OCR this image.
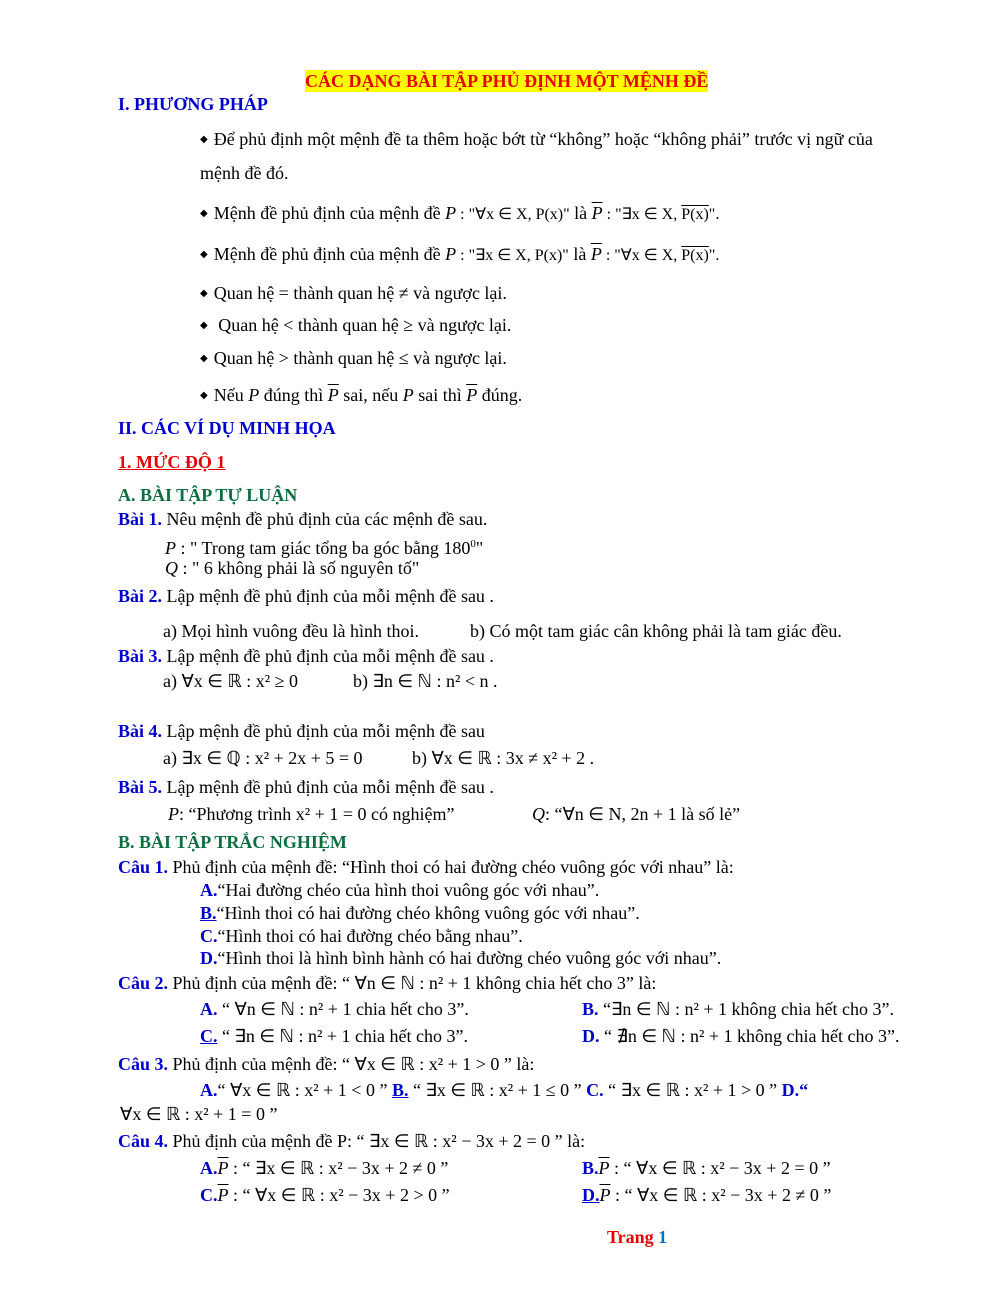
CÁC DẠNG BÀI TẬP PHỦ ĐỊNH MỘT MỆNH ĐỀ
I. PHƯƠNG PHÁP
◆ Để phủ định một mệnh đề ta thêm hoặc bớt từ “không” hoặc “không phải” trước vị ngữ của
mệnh đề đó.
◆ Mệnh đề phủ định của mệnh đề P : "∀x ∈ X, P(x)" là $\overline{P}$ : "∃x ∈ X, P(x)".
◆ Mệnh đề phủ định của mệnh đề P : "∃x ∈ X, P(x)" là $\overline{P}$ : "∀x ∈ X, P(x)".
◆ Quan hệ = thành quan hệ ≠ và ngược lại.
◆ Quan hệ < thành quan hệ ≥ và ngược lại.
◆ Quan hệ > thành quan hệ ≤ và ngược lại.
◆ Nếu P đúng thì $\overline{P}$ sai, nếu P sai thì $\overline{P}$ đúng.
II. CÁC VÍ DỤ MINH HỌA
1. MỨC ĐỘ 1
A. BÀI TẬP TỰ LUẬN
Bài 1. Nêu mệnh đề phủ định của các mệnh đề sau.
P : " Trong tam giác tổng ba góc bằng $180^0$"
Q : " 6 không phải là số nguyên tố"
Bài 2. Lập mệnh đề phủ định của mỗi mệnh đề sau .
a) Mọi hình vuông đều là hình thoi.	b) Có một tam giác cân không phải là tam giác đều.
Bài 3. Lập mệnh đề phủ định của mỗi mệnh đề sau .
a) ∀x ∈ ℝ : x² ≥ 0	b) ∃n ∈ ℕ : n² < n .
Bài 4. Lập mệnh đề phủ định của mỗi mệnh đề sau
a) ∃x ∈ ℚ : x² + 2x + 5 = 0	b) ∀x ∈ ℝ : 3x ≠ x² + 2 .
Bài 5. Lập mệnh đề phủ định của mỗi mệnh đề sau .
P: “Phương trình x² + 1 = 0 có nghiệm”	Q: “∀n ∈ N, 2n + 1 là số lẻ”
B. BÀI TẬP TRẮC NGHIỆM
Câu 1. Phủ định của mệnh đề: “Hình thoi có hai đường chéo vuông góc với nhau” là:
A.“Hai đường chéo của hình thoi vuông góc với nhau”.
B.“Hình thoi có hai đường chéo không vuông góc với nhau”.
C.“Hình thoi có hai đường chéo bằng nhau”.
D.“Hình thoi là hình bình hành có hai đường chéo vuông góc với nhau”.
Câu 2. Phủ định của mệnh đề: “ ∀n ∈ ℕ : n² + 1 không chia hết cho 3” là:
A. “ ∀n ∈ ℕ : n² + 1 chia hết cho 3”.	B. “∃n ∈ ℕ : n² + 1 không chia hết cho 3”.
C. “ ∃n ∈ ℕ : n² + 1 chia hết cho 3”.	D. “ ∄n ∈ ℕ : n² + 1 không chia hết cho 3”.
Câu 3. Phủ định của mệnh đề: “ ∀x ∈ ℝ : x² + 1 > 0 ” là:
A.“ ∀x ∈ ℝ : x² + 1 < 0 ” B. “ ∃x ∈ ℝ : x² + 1 ≤ 0 ” C. “ ∃x ∈ ℝ : x² + 1 > 0 ” D.“
∀x ∈ ℝ : x² + 1 = 0 ”
Câu 4. Phủ định của mệnh đề P: “ ∃x ∈ ℝ : x² − 3x + 2 = 0 ” là:
$A.\overline{P}$ : “ ∃x ∈ ℝ : x² − 3x + 2 ≠ 0 ”	$B.\overline{P}$ : “ ∀x ∈ ℝ : x² − 3x + 2 = 0 ”
$C.\overline{P}$ : “ ∀x ∈ ℝ : x² − 3x + 2 > 0 ”	$D.\overline{P}$ : “ ∀x ∈ ℝ : x² − 3x + 2 ≠ 0 ”
Trang 1
